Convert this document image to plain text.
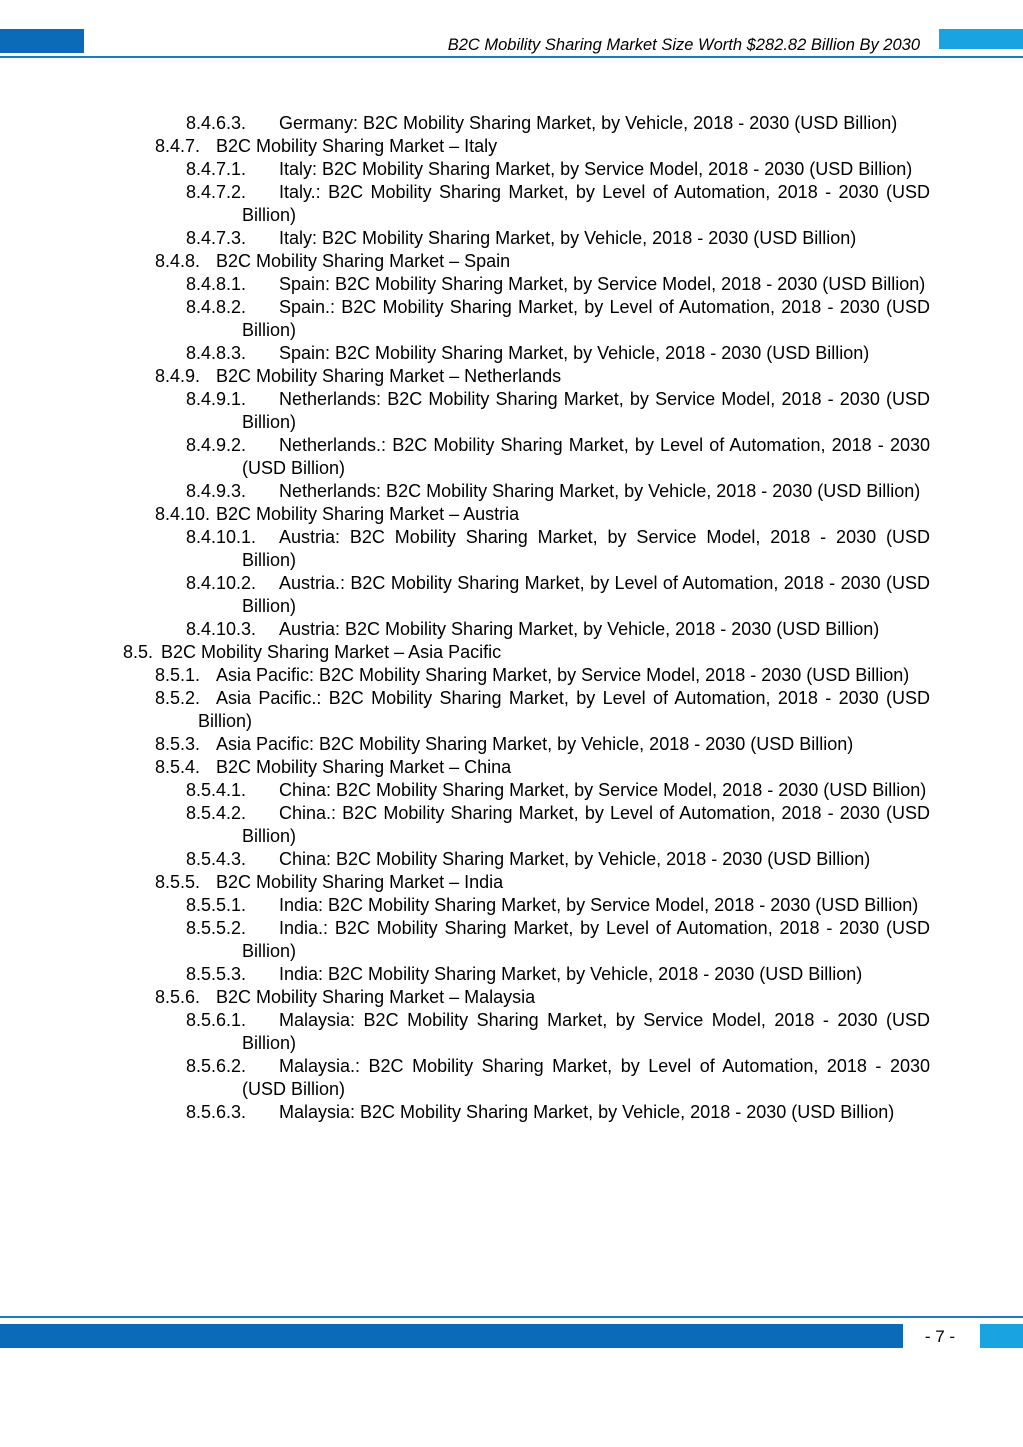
B2C Mobility Sharing Market Size Worth $282.82 Billion By 2030
8.4.6.3.	Germany: B2C Mobility Sharing Market, by Vehicle, 2018 - 2030 (USD Billion)
8.4.7. B2C Mobility Sharing Market – Italy
8.4.7.1.	Italy: B2C Mobility Sharing Market, by Service Model, 2018 - 2030 (USD Billion)
8.4.7.2.	Italy.: B2C Mobility Sharing Market, by Level of Automation, 2018 - 2030 (USD Billion)
8.4.7.3.	Italy: B2C Mobility Sharing Market, by Vehicle, 2018 - 2030 (USD Billion)
8.4.8. B2C Mobility Sharing Market – Spain
8.4.8.1.	Spain: B2C Mobility Sharing Market, by Service Model, 2018 - 2030 (USD Billion)
8.4.8.2.	Spain.: B2C Mobility Sharing Market, by Level of Automation, 2018 - 2030 (USD Billion)
8.4.8.3.	Spain: B2C Mobility Sharing Market, by Vehicle, 2018 - 2030 (USD Billion)
8.4.9. B2C Mobility Sharing Market – Netherlands
8.4.9.1.	Netherlands: B2C Mobility Sharing Market, by Service Model, 2018 - 2030 (USD Billion)
8.4.9.2.	Netherlands.: B2C Mobility Sharing Market, by Level of Automation, 2018 - 2030 (USD Billion)
8.4.9.3.	Netherlands: B2C Mobility Sharing Market, by Vehicle, 2018 - 2030 (USD Billion)
8.4.10. B2C Mobility Sharing Market – Austria
8.4.10.1.	Austria: B2C Mobility Sharing Market, by Service Model, 2018 - 2030 (USD Billion)
8.4.10.2.	Austria.: B2C Mobility Sharing Market, by Level of Automation, 2018 - 2030 (USD Billion)
8.4.10.3.	Austria: B2C Mobility Sharing Market, by Vehicle, 2018 - 2030 (USD Billion)
8.5. B2C Mobility Sharing Market – Asia Pacific
8.5.1. Asia Pacific: B2C Mobility Sharing Market, by Service Model, 2018 - 2030 (USD Billion)
8.5.2. Asia Pacific.: B2C Mobility Sharing Market, by Level of Automation, 2018 - 2030 (USD Billion)
8.5.3. Asia Pacific: B2C Mobility Sharing Market, by Vehicle, 2018 - 2030 (USD Billion)
8.5.4. B2C Mobility Sharing Market – China
8.5.4.1.	China: B2C Mobility Sharing Market, by Service Model, 2018 - 2030 (USD Billion)
8.5.4.2.	China.: B2C Mobility Sharing Market, by Level of Automation, 2018 - 2030 (USD Billion)
8.5.4.3.	China: B2C Mobility Sharing Market, by Vehicle, 2018 - 2030 (USD Billion)
8.5.5. B2C Mobility Sharing Market – India
8.5.5.1.	India: B2C Mobility Sharing Market, by Service Model, 2018 - 2030 (USD Billion)
8.5.5.2.	India.: B2C Mobility Sharing Market, by Level of Automation, 2018 - 2030 (USD Billion)
8.5.5.3.	India: B2C Mobility Sharing Market, by Vehicle, 2018 - 2030 (USD Billion)
8.5.6. B2C Mobility Sharing Market – Malaysia
8.5.6.1.	Malaysia: B2C Mobility Sharing Market, by Service Model, 2018 - 2030 (USD Billion)
8.5.6.2.	Malaysia.: B2C Mobility Sharing Market, by Level of Automation, 2018 - 2030 (USD Billion)
8.5.6.3.	Malaysia: B2C Mobility Sharing Market, by Vehicle, 2018 - 2030 (USD Billion)
- 7 -
